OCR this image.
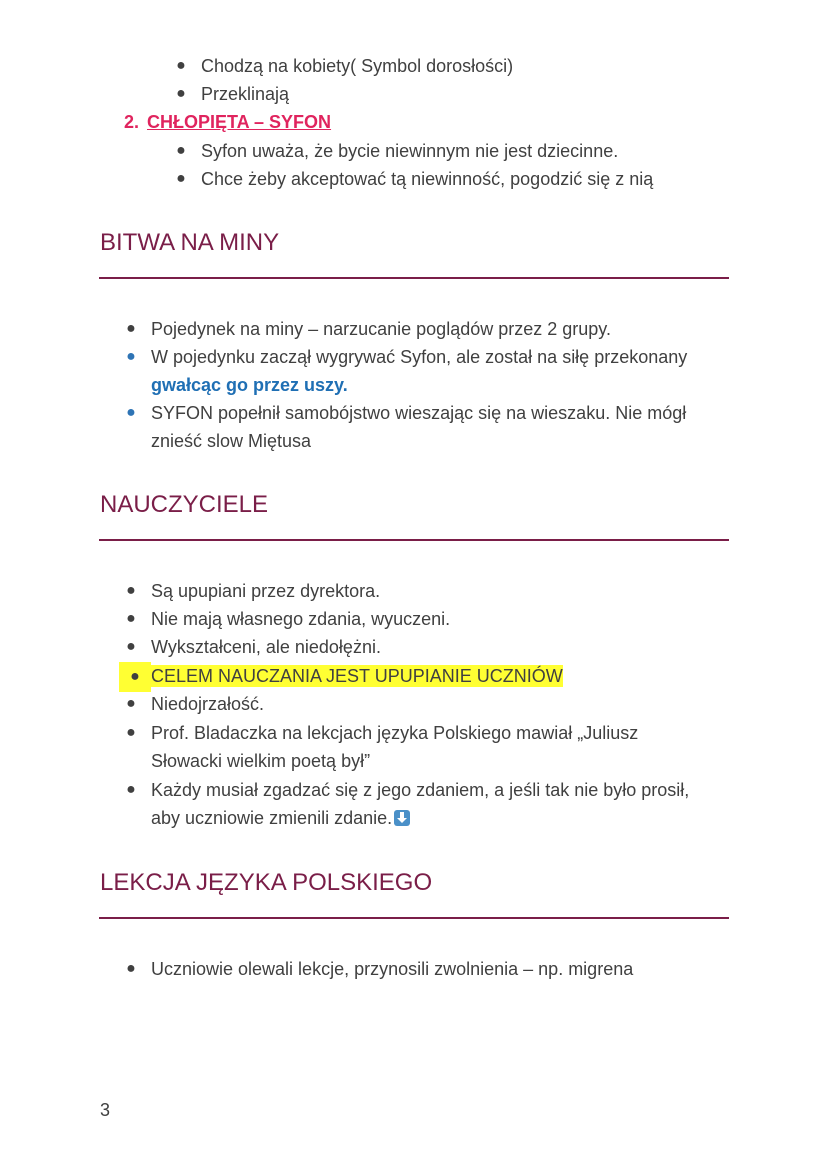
● Chodzą na kobiety( Symbol dorosłości)
● Przeklinają
2. CHŁOPIĘTA – SYFON
● Syfon uważa, że bycie niewinnym nie jest dziecinne.
● Chce żeby akceptować tą niewinność, pogodzić się z nią
BITWA NA MINY
● Pojedynek na miny – narzucanie poglądów przez 2 grupy.
● W pojedynku zaczął wygrywać Syfon, ale został na siłę przekonany
gwałcąc go przez uszy.
● SYFON popełnił samobójstwo wieszając się na wieszaku. Nie mógł
znieść slow Miętusa
NAUCZYCIELE
● Są upupiani przez dyrektora.
● Nie mają własnego zdania, wyuczeni.
● Wykształceni, ale niedołężni.
● CELEM NAUCZANIA JEST UPUPIANIE UCZNIÓW
● Niedojrzałość.
● Prof. Bladaczka na lekcjach języka Polskiego mawiał „Juliusz
Słowacki wielkim poetą był”
● Każdy musiał zgadzać się z jego zdaniem, a jeśli tak nie było prosił,
aby uczniowie zmienili zdanie.
LEKCJA JĘZYKA POLSKIEGO
● Uczniowie olewali lekcje, przynosili zwolnienia – np. migrena
3
